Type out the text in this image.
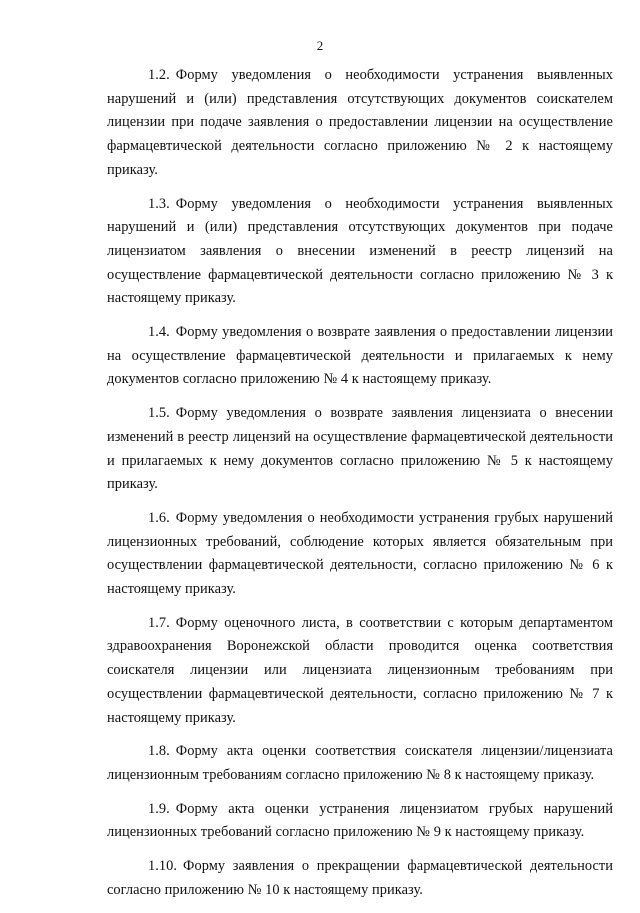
2

1.2. Форму уведомления о необходимости устранения выявленных нарушений и (или) представления отсутствующих документов соискателем лицензии при подаче заявления о предоставлении лицензии на осуществление фармацевтической деятельности согласно приложению № 2 к настоящему приказу.

1.3. Форму уведомления о необходимости устранения выявленных нарушений и (или) представления отсутствующих документов при подаче лицензиатом заявления о внесении изменений в реестр лицензий на осуществление фармацевтической деятельности согласно приложению № 3 к настоящему приказу.

1.4. Форму уведомления о возврате заявления о предоставлении лицензии на осуществление фармацевтической деятельности и прилагаемых к нему документов согласно приложению № 4 к настоящему приказу.

1.5. Форму уведомления о возврате заявления лицензиата о внесении изменений в реестр лицензий на осуществление фармацевтической деятельности и прилагаемых к нему документов согласно приложению № 5 к настоящему приказу.

1.6. Форму уведомления о необходимости устранения грубых нарушений лицензионных требований, соблюдение которых является обязательным при осуществлении фармацевтической деятельности, согласно приложению № 6 к настоящему приказу.

1.7. Форму оценочного листа, в соответствии с которым департаментом здравоохранения Воронежской области проводится оценка соответствия соискателя лицензии или лицензиата лицензионным требованиям при осуществлении фармацевтической деятельности, согласно приложению № 7 к настоящему приказу.

1.8. Форму акта оценки соответствия соискателя лицензии/лицензиата лицензионным требованиям согласно приложению № 8 к настоящему приказу.

1.9. Форму акта оценки устранения лицензиатом грубых нарушений лицензионных требований согласно приложению № 9 к настоящему приказу.

1.10. Форму заявления о прекращении фармацевтической деятельности согласно приложению № 10 к настоящему приказу.
